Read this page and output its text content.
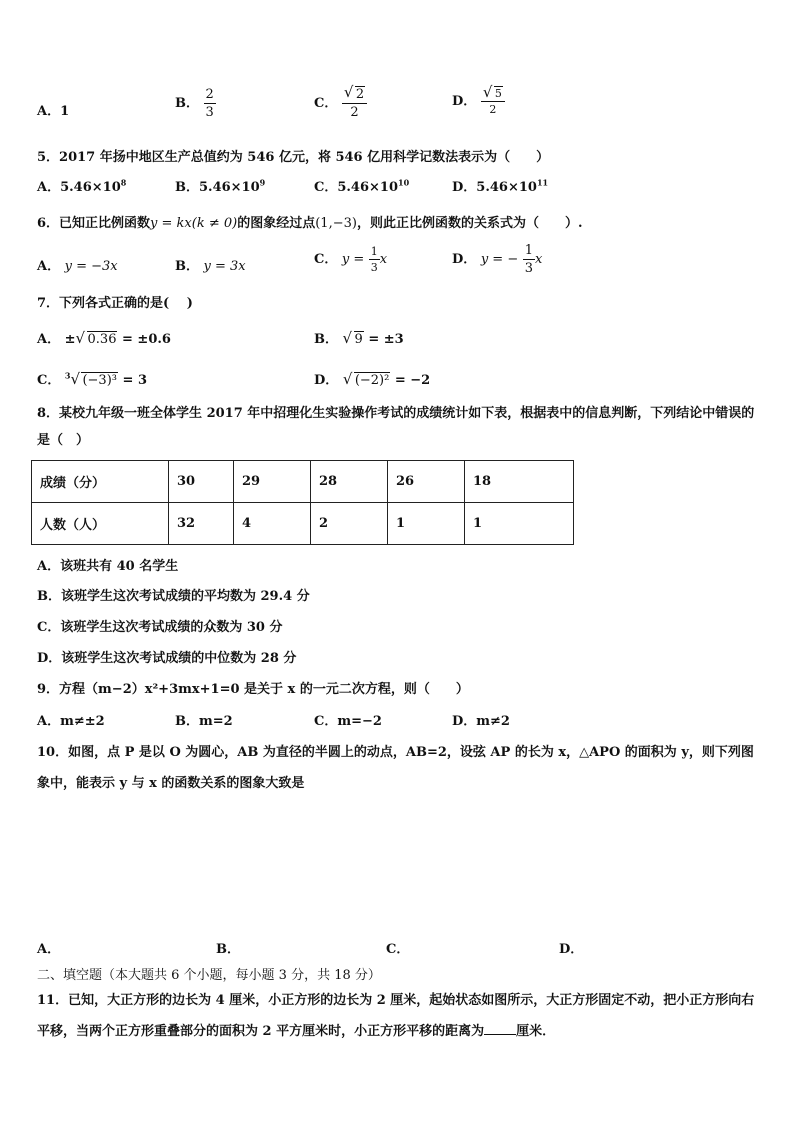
A．1
B． $\frac{2}{3}$	C． $\frac{√ 2}{2}$	D． $\frac{√ 5}{2}$
5．2017 年扬中地区生产总值约为 546 亿元，将 546 亿用科学记数法表示为（　　）
A．$5.46\times 10^8$	B．$5.46\times 10^9$	C．$5.46\times 10^{10}$	D．$5.46\times 10^{11}$
6．已知正比例函数y = kx(k ≠ 0)的图象经过点(1,−3)，则此正比例函数的关系式为（　　）.
A． y = −3x	B． y = 3x	C． $y = \frac{1}{3}$ x	D． y = − $\frac{1}{3}$ x
7．下列各式正确的是(　 )
A． ± √ 0.36 = ±0.6	B． √ 9 = ±3
C． $^3$ √ (−3)³ = 3	D． √ (−2)² = −2
8．某校九年级一班全体学生 2017 年中招理化生实验操作考试的成绩统计如下表，根据表中的信息判断，下列结论中错误的是（　）
成绩（分）	30	29	28	26	18
人数（人）	32	4	2	1	1
A．该班共有 40 名学生
B．该班学生这次考试成绩的平均数为 29.4 分
C．该班学生这次考试成绩的众数为 30 分
D．该班学生这次考试成绩的中位数为 28 分
9．方程（m−2）x²+3mx+1=0 是关于 x 的一元二次方程，则（　　）
A．m≠±2	B．m=2	C．m=−2	D．m≠2
10．如图，点 P 是以 O 为圆心，AB 为直径的半圆上的动点，AB=2，设弦 AP 的长为 x，△APO 的面积为 y，则下列图象中，能表示 y 与 x 的函数关系的图象大致是
A．	B．	C．	D．
二、填空题（本大题共 6 个小题，每小题 3 分，共 18 分）
11．已知，大正方形的边长为 4 厘米，小正方形的边长为 2 厘米，起始状态如图所示，大正方形固定不动，把小正方形向右平移，当两个正方形重叠部分的面积为 2 平方厘米时，小正方形平移的距离为 厘米．
